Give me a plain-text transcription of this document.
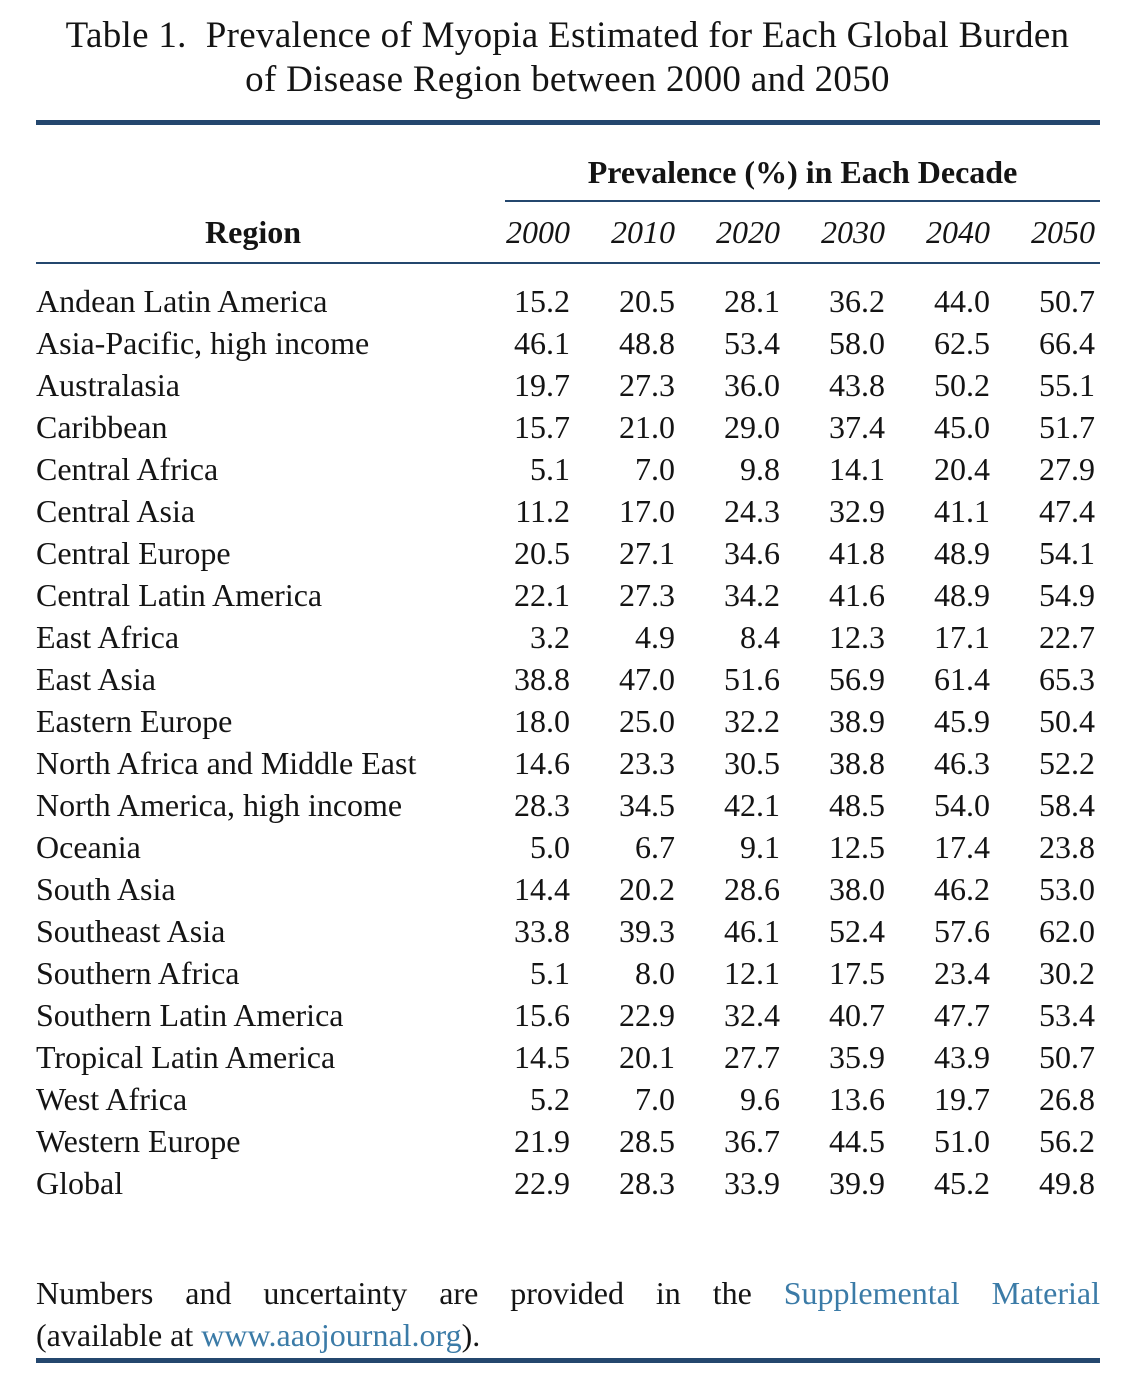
Table 1.  Prevalence of Myopia Estimated for Each Global Burden
of Disease Region between 2000 and 2050
Prevalence (%) in Each Decade
Region	2000	2010	2020	2030	2040	2050
Andean Latin America	15.2	20.5	28.1	36.2	44.0	50.7
Asia-Pacific, high income	46.1	48.8	53.4	58.0	62.5	66.4
Australasia	19.7	27.3	36.0	43.8	50.2	55.1
Caribbean	15.7	21.0	29.0	37.4	45.0	51.7
Central Africa	5.1	7.0	9.8	14.1	20.4	27.9
Central Asia	11.2	17.0	24.3	32.9	41.1	47.4
Central Europe	20.5	27.1	34.6	41.8	48.9	54.1
Central Latin America	22.1	27.3	34.2	41.6	48.9	54.9
East Africa	3.2	4.9	8.4	12.3	17.1	22.7
East Asia	38.8	47.0	51.6	56.9	61.4	65.3
Eastern Europe	18.0	25.0	32.2	38.9	45.9	50.4
North Africa and Middle East	14.6	23.3	30.5	38.8	46.3	52.2
North America, high income	28.3	34.5	42.1	48.5	54.0	58.4
Oceania	5.0	6.7	9.1	12.5	17.4	23.8
South Asia	14.4	20.2	28.6	38.0	46.2	53.0
Southeast Asia	33.8	39.3	46.1	52.4	57.6	62.0
Southern Africa	5.1	8.0	12.1	17.5	23.4	30.2
Southern Latin America	15.6	22.9	32.4	40.7	47.7	53.4
Tropical Latin America	14.5	20.1	27.7	35.9	43.9	50.7
West Africa	5.2	7.0	9.6	13.6	19.7	26.8
Western Europe	21.9	28.5	36.7	44.5	51.0	56.2
Global	22.9	28.3	33.9	39.9	45.2	49.8
Numbers and uncertainty are provided in the Supplemental Material
(available at www.aaojournal.org).
